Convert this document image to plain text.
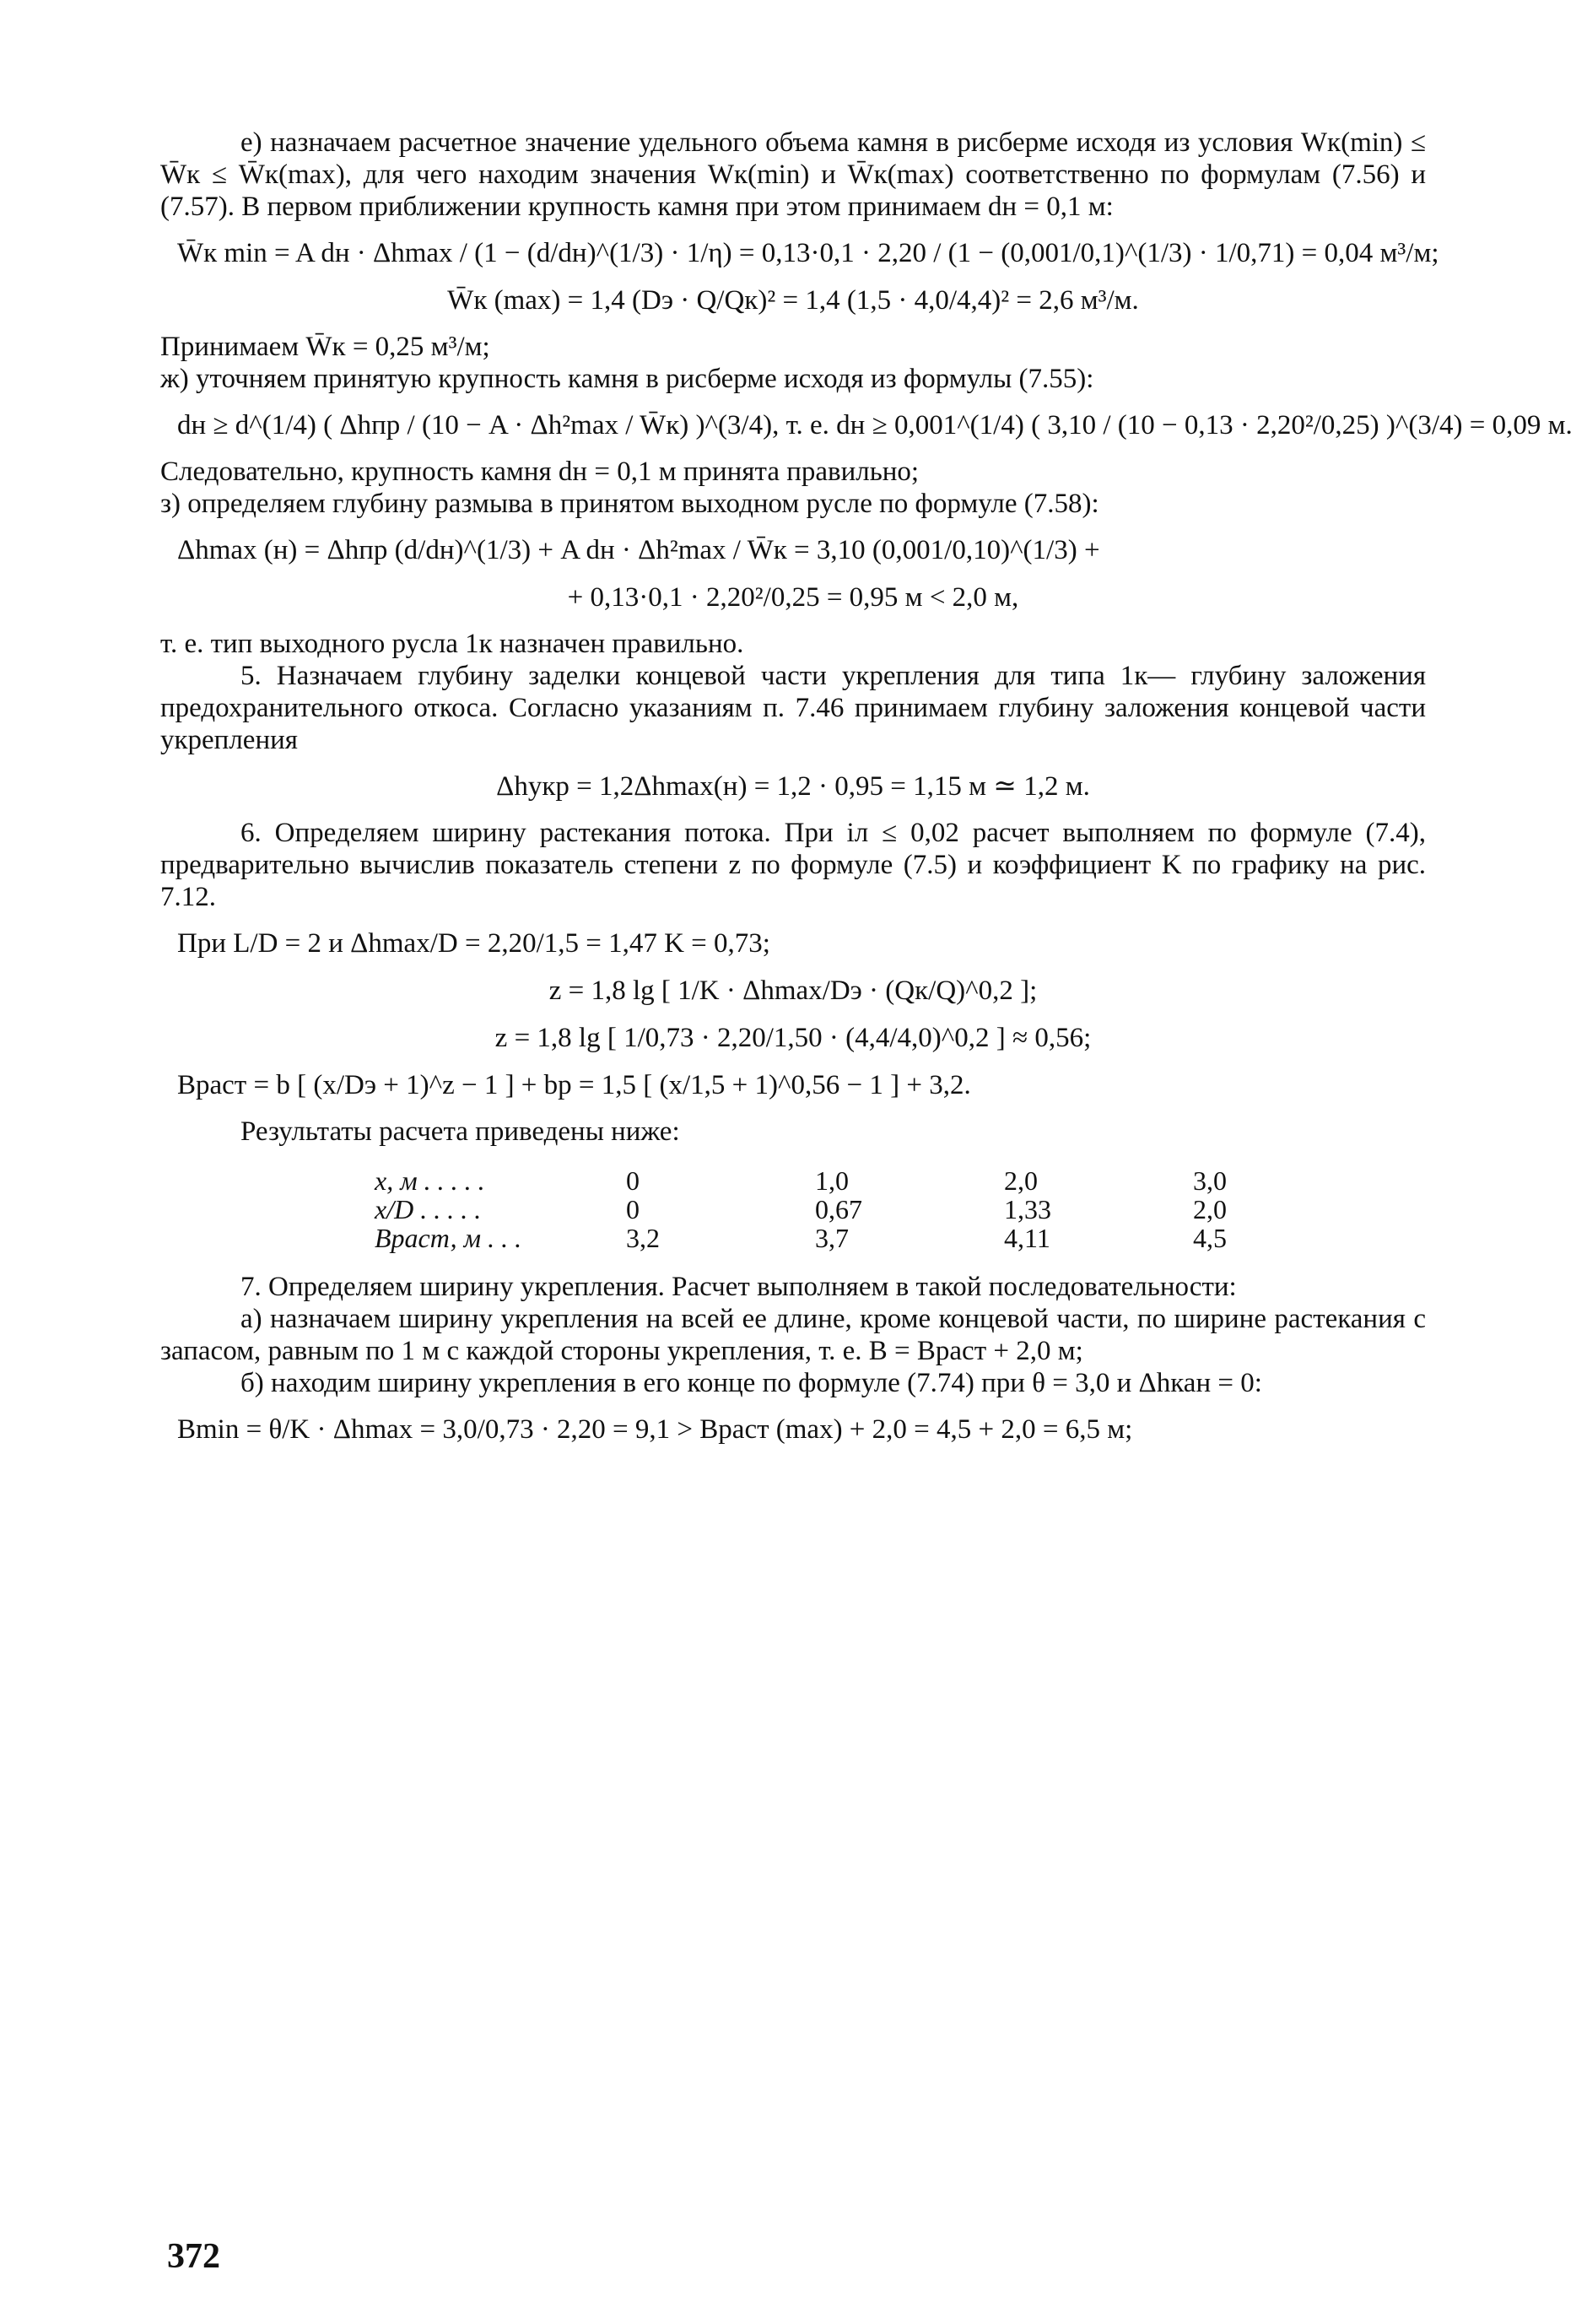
е) назначаем расчетное значение удельного объема камня в рисберме исходя из условия Wк(min) ≤ W̄к ≤ W̄к(max), для чего находим значения Wк(min) и W̄к(max) соответственно по формулам (7.56) и (7.57). В первом приближении крупность камня при этом принимаем dн = 0,1 м:

W̄к min = A dн · Δhmax / (1 − (d/dн)^(1/3) · 1/η) = 0,13·0,1 · 2,20 / (1 − (0,001/0,1)^(1/3) · 1/0,71) = 0,04 м³/м;
W̄к (max) = 1,4 (Dэ · Q/Qк)² = 1,4 (1,5 · 4,0/4,4)² = 2,6 м³/м.

Принимаем W̄к = 0,25 м³/м;

ж) уточняем принятую крупность камня в рисберме исходя из формулы (7.55):

dн ≥ d^(1/4) ( Δhпр / (10 − A · Δh²max / W̄к) )^(3/4), т. е. dн ≥ 0,001^(1/4) ( 3,10 / (10 − 0,13 · 2,20²/0,25) )^(3/4) = 0,09 м.

Следовательно, крупность камня dн = 0,1 м принята правильно;

з) определяем глубину размыва в принятом выходном русле по формуле (7.58):

Δhmax (н) = Δhпр (d/dн)^(1/3) + A dн · Δh²max / W̄к = 3,10 (0,001/0,10)^(1/3) +
+ 0,13·0,1 · 2,20²/0,25 = 0,95 м < 2,0 м,

т. е. тип выходного русла 1к назначен правильно.

5. Назначаем глубину заделки концевой части укрепления для типа 1к— глубину заложения предохранительного откоса. Согласно указаниям п. 7.46 принимаем глубину заложения концевой части укрепления

Δhукр = 1,2Δhmax(н) = 1,2 · 0,95 = 1,15 м ≃ 1,2 м.

6. Определяем ширину растекания потока. При iл ≤ 0,02 расчет выполняем по формуле (7.4), предварительно вычислив показатель степени z по формуле (7.5) и коэффициент K по графику на рис. 7.12.

При L/D = 2 и Δhmax/D = 2,20/1,5 = 1,47 K = 0,73;
z = 1,8 lg [ 1/K · Δhmax/Dэ · (Qк/Q)^0,2 ];
z = 1,8 lg [ 1/0,73 · 2,20/1,50 · (4,4/4,0)^0,2 ] ≈ 0,56;
Bраст = b [ (x/Dэ + 1)^z − 1 ] + bр = 1,5 [ (x/1,5 + 1)^0,56 − 1 ] + 3,2.

Результаты расчета приведены ниже:

x, м . . . . .	0	1,0	2,0	3,0
x/D . . . . .	0	0,67	1,33	2,0
Bраст, м . . .	3,2	3,7	4,11	4,5

7. Определяем ширину укрепления. Расчет выполняем в такой последовательности:

а) назначаем ширину укрепления на всей ее длине, кроме концевой части, по ширине растекания с запасом, равным по 1 м с каждой стороны укрепления, т. е. B = Bраст + 2,0 м;

б) находим ширину укрепления в его конце по формуле (7.74) при θ = 3,0 и Δhкан = 0:

Bmin = θ/K · Δhmax = 3,0/0,73 · 2,20 = 9,1 > Bраст (max) + 2,0 = 4,5 + 2,0 = 6,5 м;
372
